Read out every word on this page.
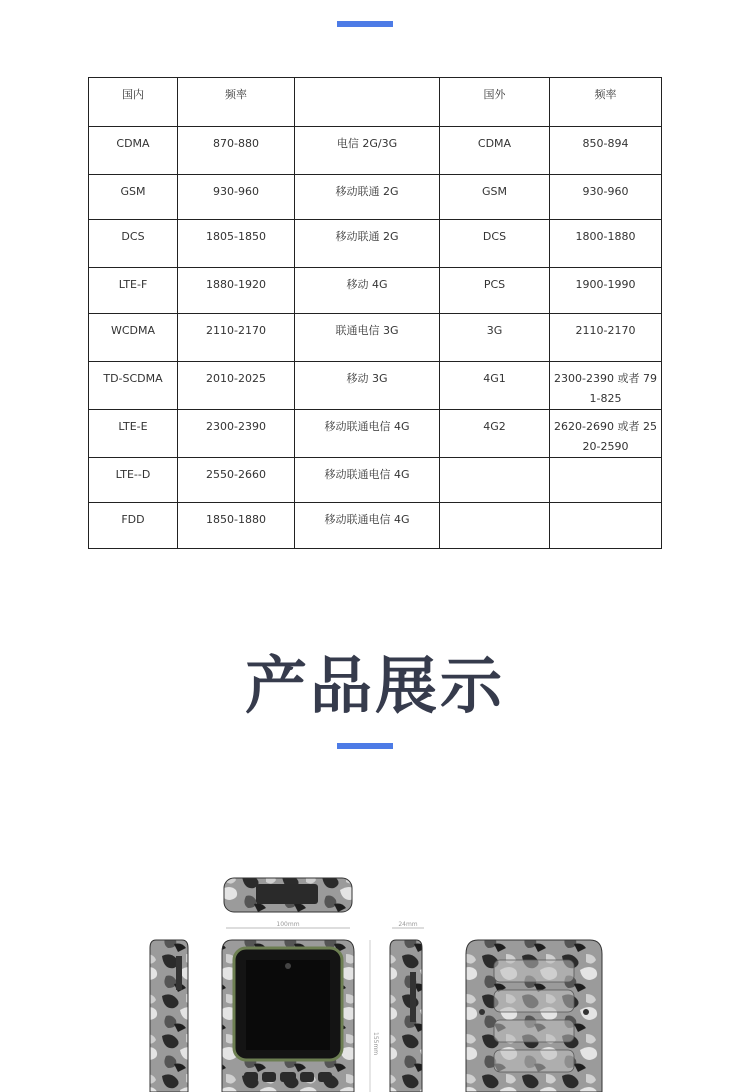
国内	频率		国外	频率
CDMA	870-880	电信 2G/3G	CDMA	850-894
GSM	930-960	移动联通 2G	GSM	930-960
DCS	1805-1850	移动联通 2G	DCS	1800-1880
LTE-F	1880-1920	移动 4G	PCS	1900-1990
WCDMA	2110-2170	联通电信 3G	3G	2110-2170
TD-SCDMA	2010-2025	移动 3G	4G1	2300-2390 或者 791-825
LTE-E	2300-2390	移动联通电信 4G	4G2	2620-2690 或者 2520-2590
LTE--D	2550-2660	移动联通电信 4G		
FDD	1850-1880	移动联通电信 4G		
产品展示
100mm	24mm
155mm
